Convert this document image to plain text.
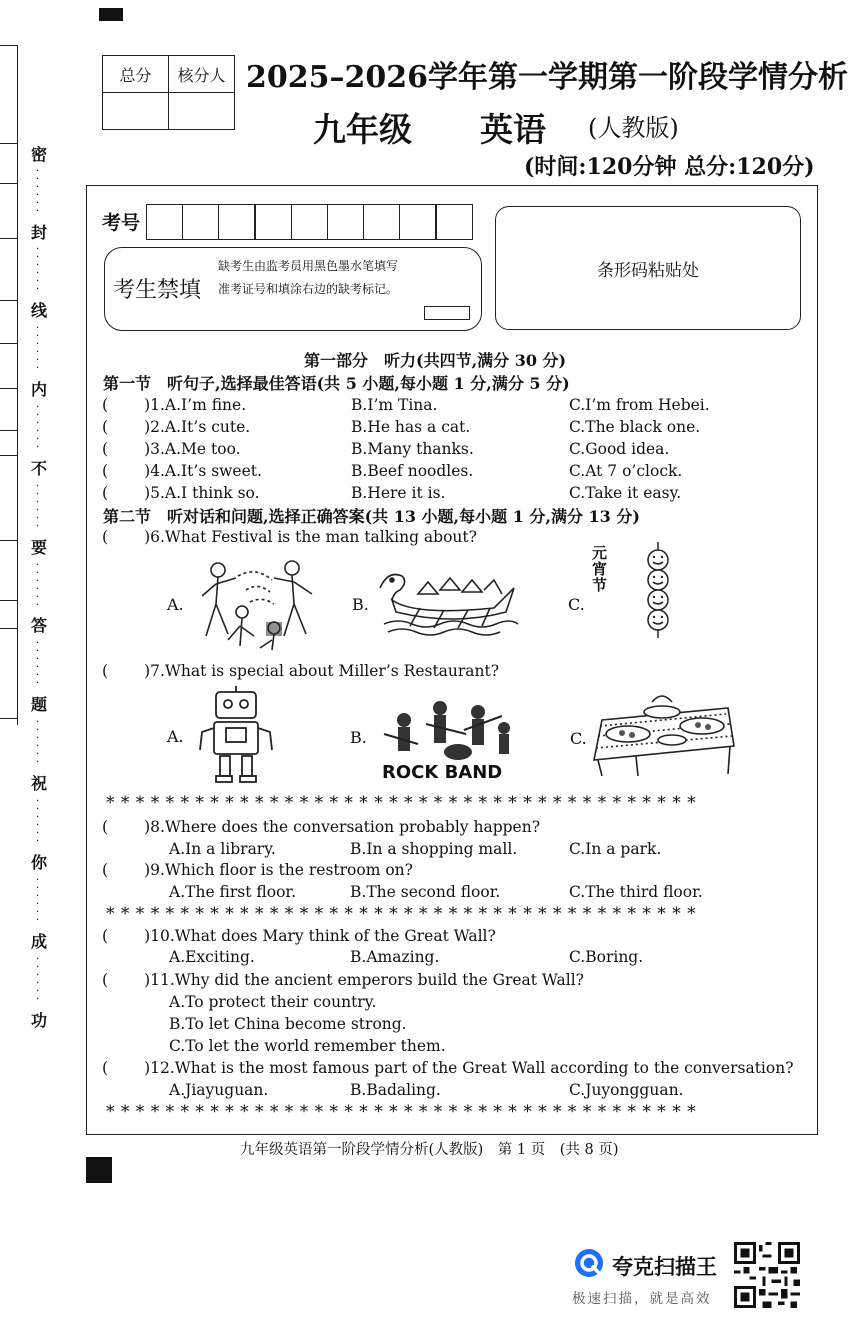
密
封
线
内
不
要
答
题
祝
你
成
功
·
·
·
·
·
·
·
·
·
·
·
·
·
·
·
·
·
·
·
·
·
·
·
·
·
·
·
·
·
·
·
·
·
·
·
·
·
·
·
·
·
·
·
·
·
·
·
·
·
·
·
·
·
·
·
·
·
·
·
·
·
·
·
·
·
·
总分	核分人
	2025–2026学年第一学期第一阶段学情分析
九年级 英语 (人教版)
(时间:120分钟 总分:120分)
考号
考生禁填
缺考生由监考员用黑色墨水笔填写准考证号和填涂右边的缺考标记。
条形码粘贴处
第一部分　听力(共四节,满分 30 分)
第一节　听句子,选择最佳答语(共 5 小题,每小题 1 分,满分 5 分)
( )1.A.I’m fine.	B.I’m Tina.	C.I’m from Hebei.
( )2.A.It’s cute.	B.He has a cat.	C.The black one.
( )3.A.Me too.	B.Many thanks.	C.Good idea.
( )4.A.It’s sweet.	B.Beef noodles.	C.At 7 o’clock.
( )5.A.I think so.	B.Here it is.	C.Take it easy.
第二节　听对话和问题,选择正确答案(共 13 小题,每小题 1 分,满分 13 分)
( )6.What Festival is the man talking about?
A.	B.	C.
元
宵
节
( )7.What is special about Miller’s Restaurant?
A.	B.	C.
ROCK BAND
****************************************
( )8.Where does the conversation probably happen?
A.In a library.	B.In a shopping mall.	C.In a park.
( )9.Which floor is the restroom on?
A.The first floor.	B.The second floor.	C.The third floor.
****************************************
( )10.What does Mary think of the Great Wall?
A.Exciting.	B.Amazing.	C.Boring.
( )11.Why did the ancient emperors build the Great Wall?
A.To protect their country.
B.To let China become strong.
C.To let the world remember them.
( )12.What is the most famous part of the Great Wall according to the conversation?
A.Jiayuguan.	B.Badaling.	C.Juyongguan.
****************************************
九年级英语第一阶段学情分析(人教版)　第 1 页　(共 8 页)
夸克扫描王
极速扫描，就是高效
